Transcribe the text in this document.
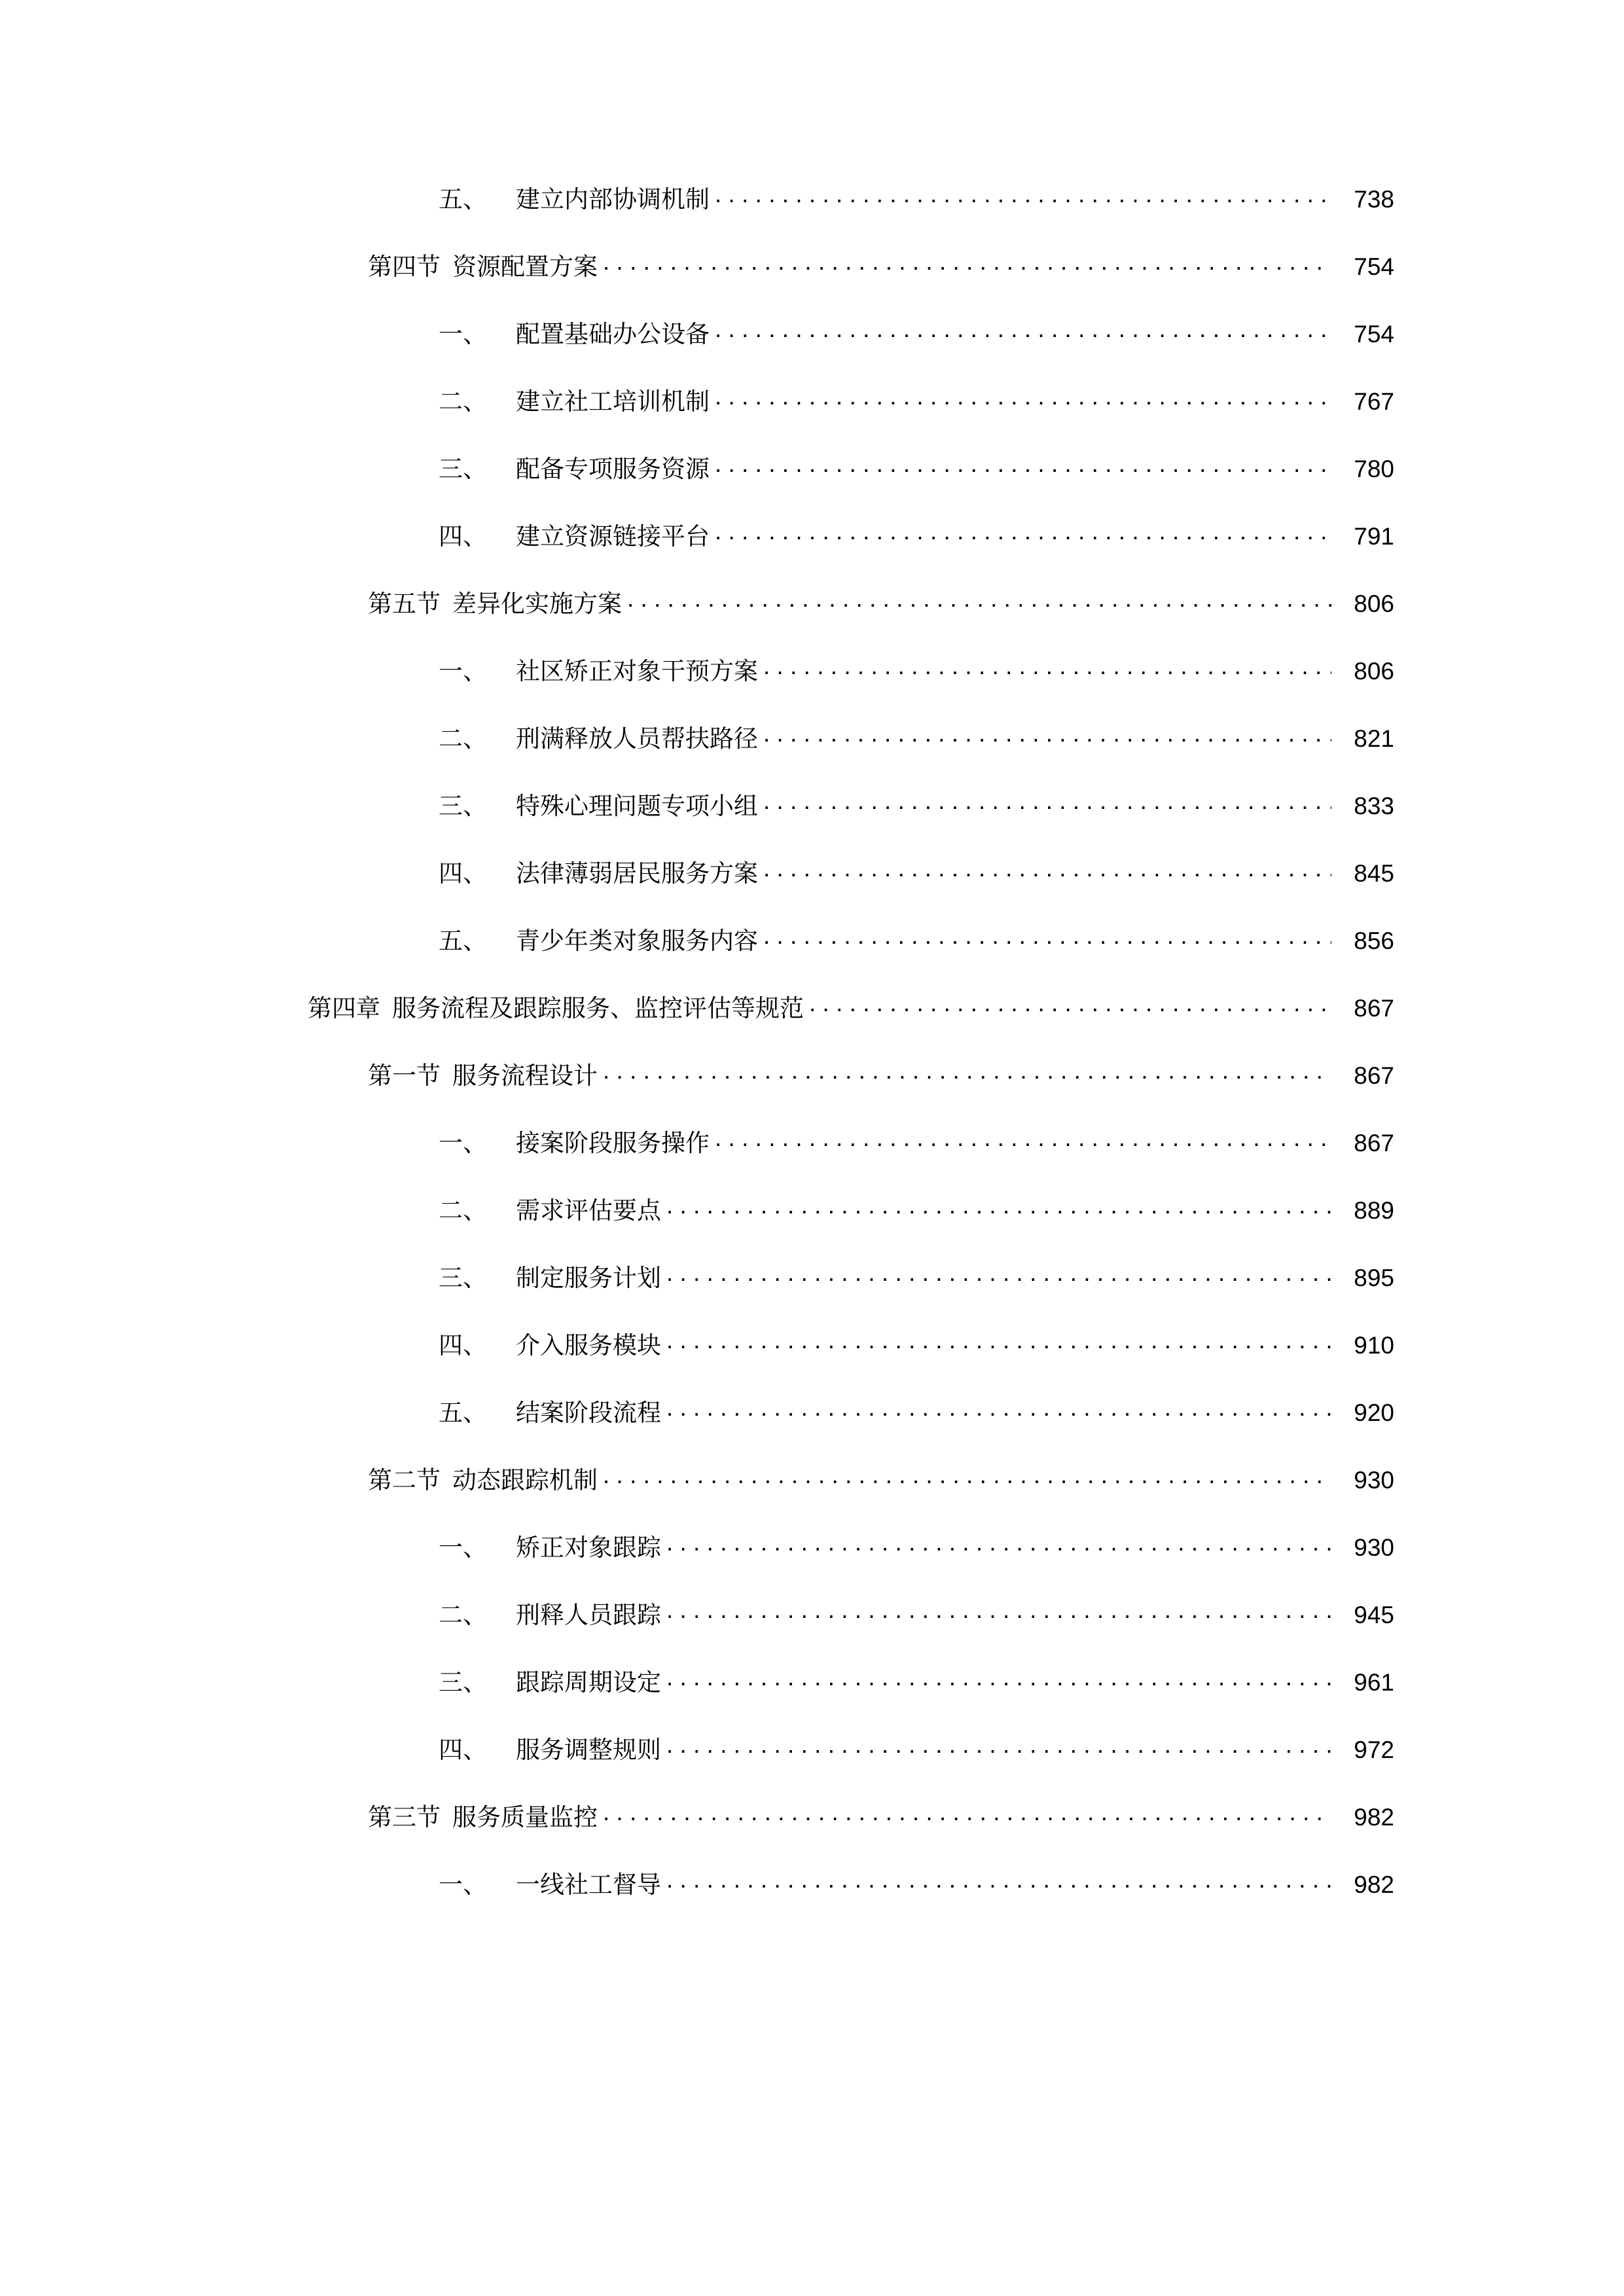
五、	建立内部协调机制 . . .	738
第四节 资源配置方案 . . .	754
一、	配置基础办公设备 . . .	754
二、	建立社工培训机制 . . .	767
三、	配备专项服务资源 . . .	780
四、	建立资源链接平台 . . .	791
第五节 差异化实施方案 . . .	806
一、	社区矫正对象干预方案 . . .	806
二、	刑满释放人员帮扶路径 . . .	821
三、	特殊心理问题专项小组 . . .	833
四、	法律薄弱居民服务方案 . . .	845
五、	青少年类对象服务内容 . . .	856
第四章 服务流程及跟踪服务、监控评估等规范 . . .	867
第一节 服务流程设计 . . .	867
一、	接案阶段服务操作 . . .	867
二、	需求评估要点 . . .	889
三、	制定服务计划 . . .	895
四、	介入服务模块 . . .	910
五、	结案阶段流程 . . .	920
第二节 动态跟踪机制 . . .	930
一、	矫正对象跟踪 . . .	930
二、	刑释人员跟踪 . . .	945
三、	跟踪周期设定 . . .	961
四、	服务调整规则 . . .	972
第三节 服务质量监控 . . .	982
一、	一线社工督导 . . .	982
